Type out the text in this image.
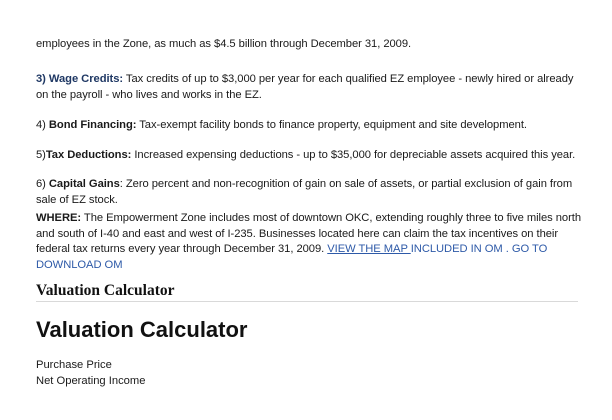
employees in the Zone, as much as $4.5 billion through December 31, 2009.

3) Wage Credits: Tax credits of up to $3,000 per year for each qualified EZ employee - newly hired or already on the payroll - who lives and works in the EZ.

4) Bond Financing: Tax-exempt facility bonds to finance property, equipment and site development.

5)Tax Deductions: Increased expensing deductions - up to $35,000 for depreciable assets acquired this year.

6) Capital Gains: Zero percent and non-recognition of gain on sale of assets, or partial exclusion of gain from sale of EZ stock.

WHERE: The Empowerment Zone includes most of downtown OKC, extending roughly three to five miles north and south of I-40 and east and west of I-235. Businesses located here can claim the tax incentives on their federal tax returns every year through December 31, 2009. VIEW THE MAP INCLUDED IN OM . GO TO DOWNLOAD OM

Valuation Calculator
Valuation Calculator

Purchase Price

Net Operating Income
